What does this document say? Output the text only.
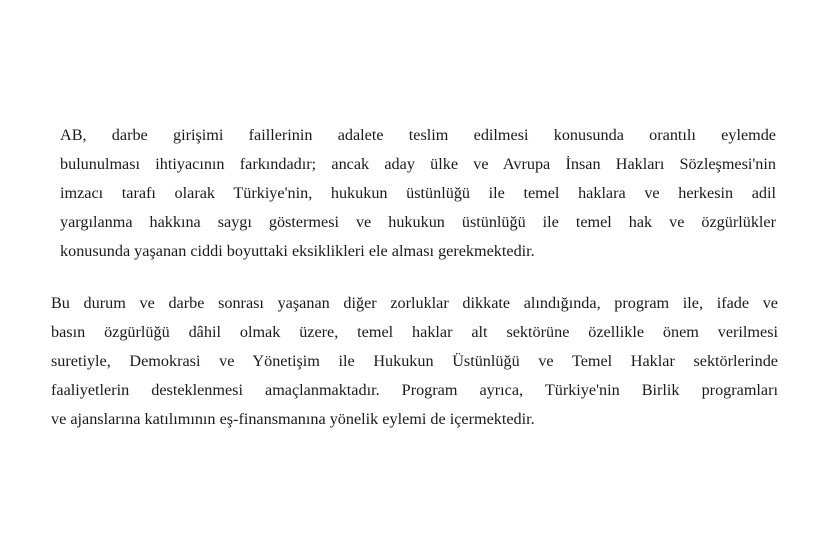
AB, darbe girişimi faillerinin adalete teslim edilmesi konusunda orantılı eylemde
bulunulması ihtiyacının farkındadır; ancak aday ülke ve Avrupa İnsan Hakları Sözleşmesi'nin
imzacı tarafı olarak Türkiye'nin, hukukun üstünlüğü ile temel haklara ve herkesin adil
yargılanma hakkına saygı göstermesi ve hukukun üstünlüğü ile temel hak ve özgürlükler
konusunda yaşanan ciddi boyuttaki eksiklikleri ele alması gerekmektedir.

Bu durum ve darbe sonrası yaşanan diğer zorluklar dikkate alındığında, program ile, ifade ve
basın özgürlüğü dâhil olmak üzere, temel haklar alt sektörüne özellikle önem verilmesi
suretiyle, Demokrasi ve Yönetişim ile Hukukun Üstünlüğü ve Temel Haklar sektörlerinde
faaliyetlerin desteklenmesi amaçlanmaktadır. Program ayrıca, Türkiye'nin Birlik programları
ve ajanslarına katılımının eş-finansmanına yönelik eylemi de içermektedir.
